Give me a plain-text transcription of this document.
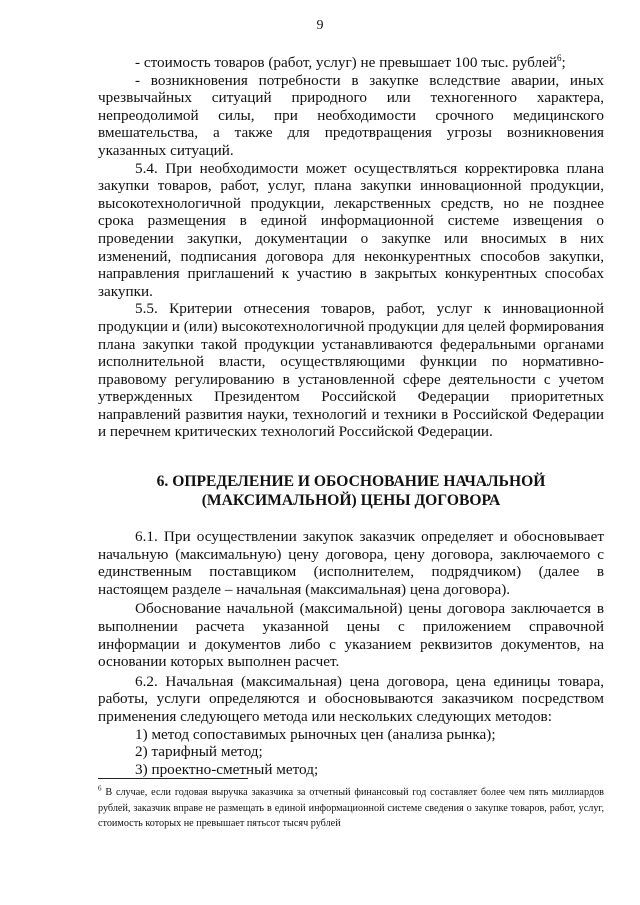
9

- стоимость товаров (работ, услуг) не превышает 100 тыс. рублей$^6$;

- возникновения потребности в закупке вследствие аварии, иных чрезвычайных ситуаций природного или техногенного характера, непреодолимой силы, при необходимости срочного медицинского вмешательства, а также для предотвращения угрозы возникновения указанных ситуаций.

5.4. При необходимости может осуществляться корректировка плана закупки товаров, работ, услуг, плана закупки инновационной продукции, высокотехнологичной продукции, лекарственных средств, но не позднее срока размещения в единой информационной системе извещения о проведении закупки, документации о закупке или вносимых в них изменений, подписания договора для неконкурентных способов закупки, направления приглашений к участию в закрытых конкурентных способах закупки.

5.5. Критерии отнесения товаров, работ, услуг к инновационной продукции и (или) высокотехнологичной продукции для целей формирования плана закупки такой продукции устанавливаются федеральными органами исполнительной власти, осуществляющими функции по нормативно-правовому регулированию в установленной сфере деятельности с учетом утвержденных Президентом Российской Федерации приоритетных направлений развития науки, технологий и техники в Российской Федерации и перечнем критических технологий Российской Федерации.

6. ОПРЕДЕЛЕНИЕ И ОБОСНОВАНИЕ НАЧАЛЬНОЙ
(МАКСИМАЛЬНОЙ) ЦЕНЫ ДОГОВОРА

6.1. При осуществлении закупок заказчик определяет и обосновывает начальную (максимальную) цену договора, цену договора, заключаемого с единственным поставщиком (исполнителем, подрядчиком) (далее в настоящем разделе – начальная (максимальная) цена договора).

Обоснование начальной (максимальной) цены договора заключается в выполнении расчета указанной цены с приложением справочной информации и документов либо с указанием реквизитов документов, на основании которых выполнен расчет.

6.2. Начальная (максимальная) цена договора, цена единицы товара, работы, услуги определяются и обосновываются заказчиком посредством применения следующего метода или нескольких следующих методов:

1) метод сопоставимых рыночных цен (анализа рынка);

2) тарифный метод;

3) проектно-сметный метод;

$^6$ В случае, если годовая выручка заказчика за отчетный финансовый год составляет более чем пять миллиардов рублей, заказчик вправе не размещать в единой информационной системе сведения о закупке товаров, работ, услуг, стоимость которых не превышает пятьсот тысяч рублей
